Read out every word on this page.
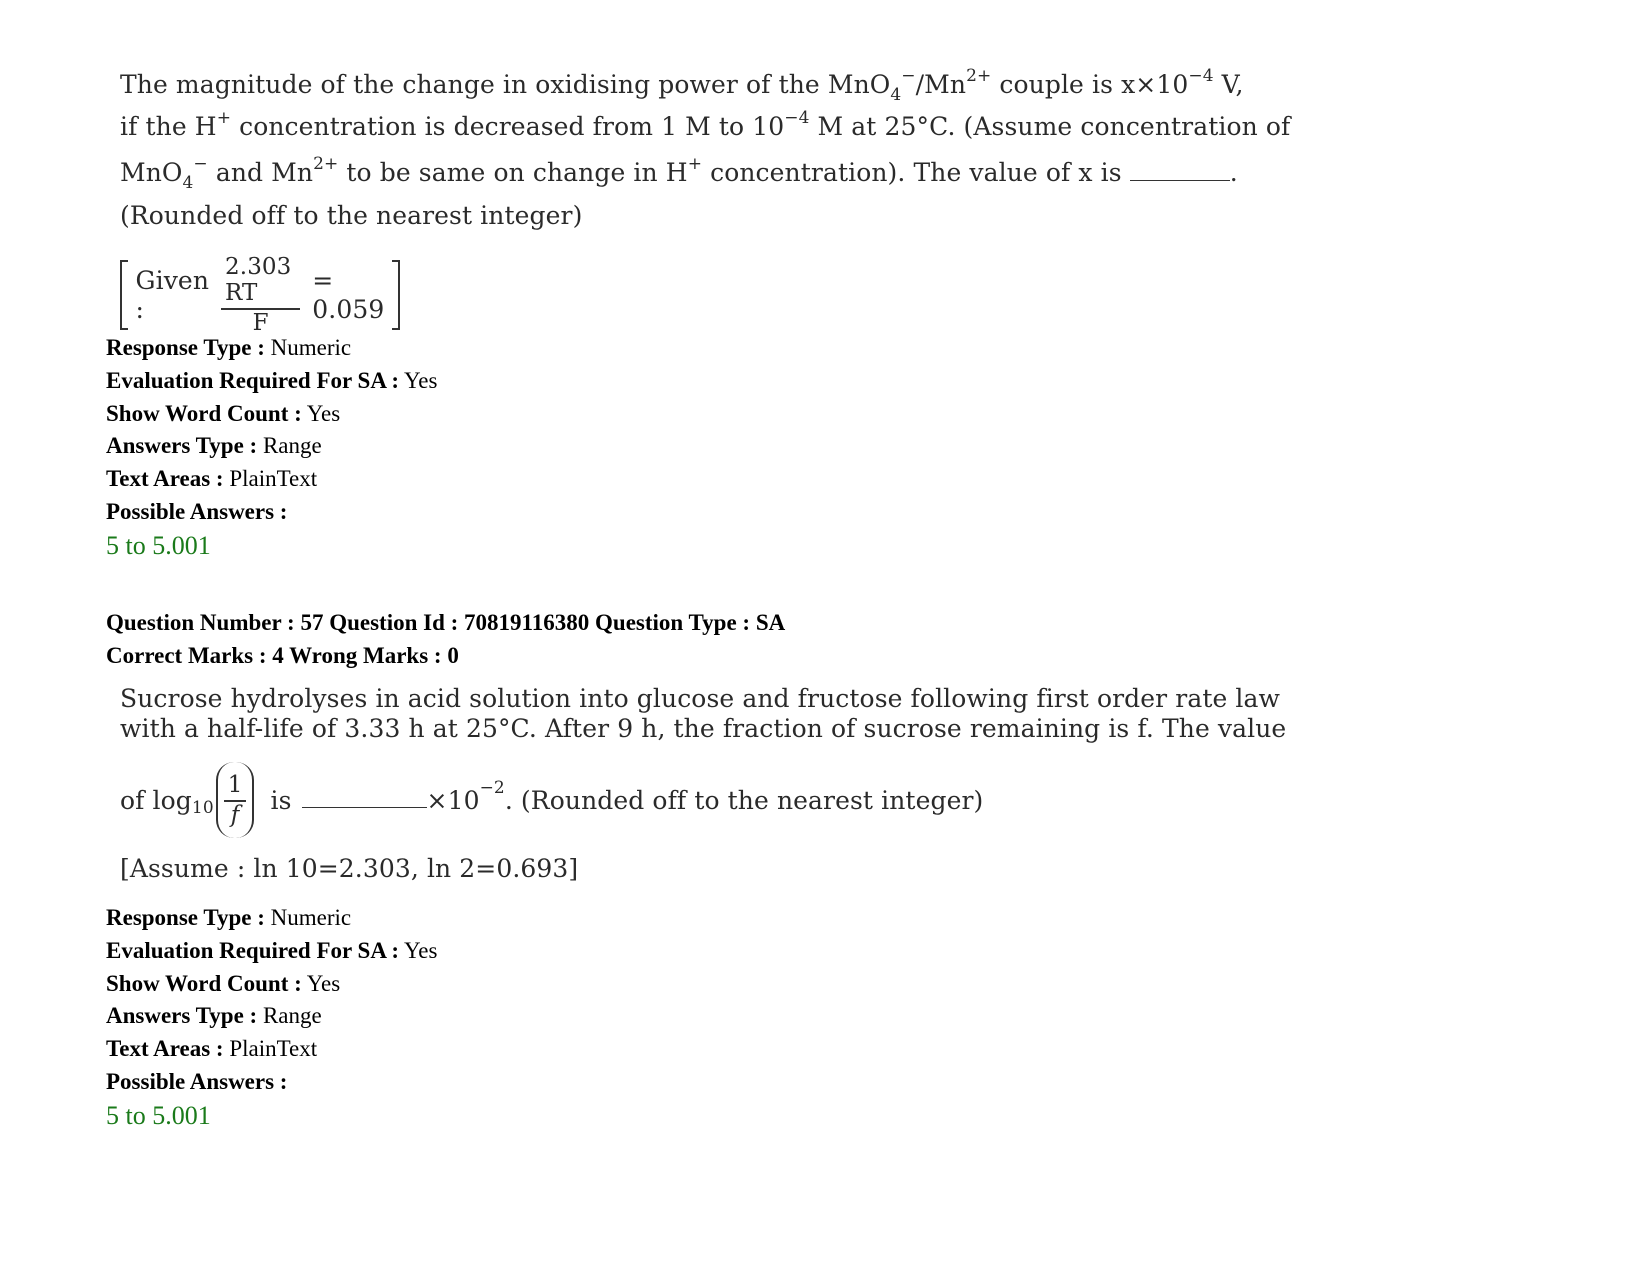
The magnitude of the change in oxidising power of the $MnO_4^-/Mn^{2+}$ couple is $x\times 10^{-4}$ V,
if the H+ concentration is decreased from 1 M to $10^{-4}$ M at 25°C. (Assume concentration of
MnO$_4$− and $Mn^{2+}$ to be same on change in H+ concentration). The value of x is	.
(Rounded off to the nearest integer)
Given :	$\frac{2.303 RT}{F} = 0.059$
Response Type : Numeric
Evaluation Required For SA : Yes
Show Word Count : Yes
Answers Type : Range
Text Areas : PlainText
Possible Answers :
5 to 5.001
Question Number : 57 Question Id : 70819116380 Question Type : SA
Correct Marks : 4 Wrong Marks : 0
Sucrose hydrolyses in acid solution into glucose and fructose following first order rate law
with a half-life of 3.33 h at 25°C. After 9 h, the fraction of sucrose remaining is f. The value
of $\log 10 \frac{1}{f}$ is	×10 −2 . (Rounded off to the nearest integer)
[Assume : ln 10=2.303, ln 2=0.693]
Response Type : Numeric
Evaluation Required For SA : Yes
Show Word Count : Yes
Answers Type : Range
Text Areas : PlainText
Possible Answers :
5 to 5.001
